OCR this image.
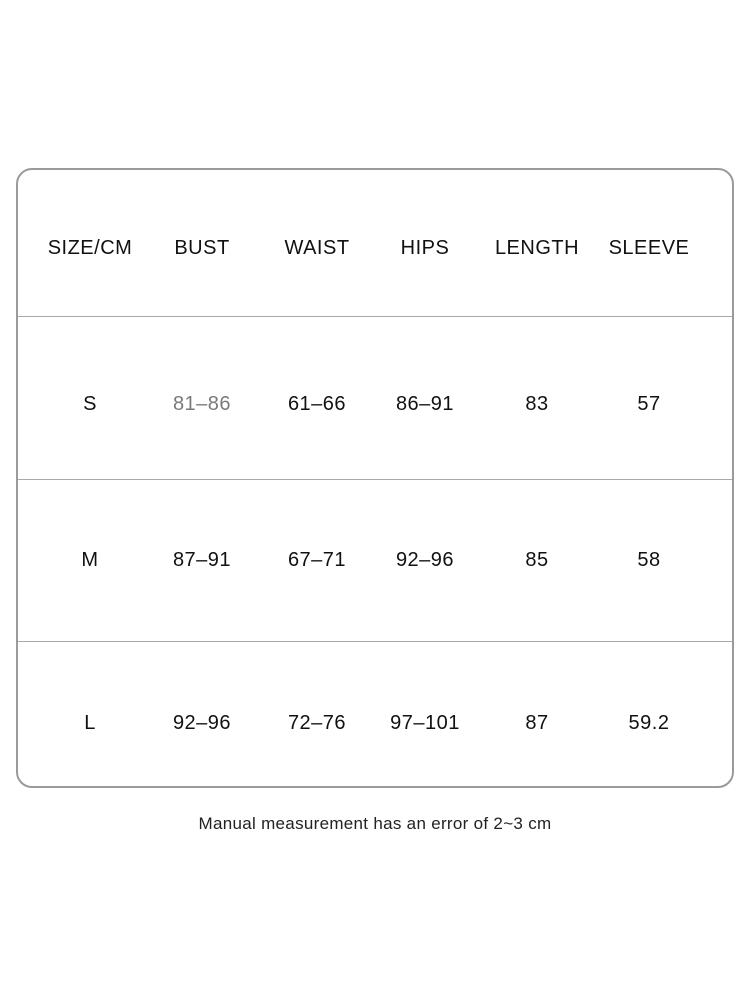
SIZE/CM	BUST	WAIST	HIPS	LENGTH	SLEEVE
S	81–86	61–66	86–91	83	57
M	87–91	67–71	92–96	85	58
L	92–96	72–76	97–101	87	59.2
Manual measurement has an error of 2~3 cm
